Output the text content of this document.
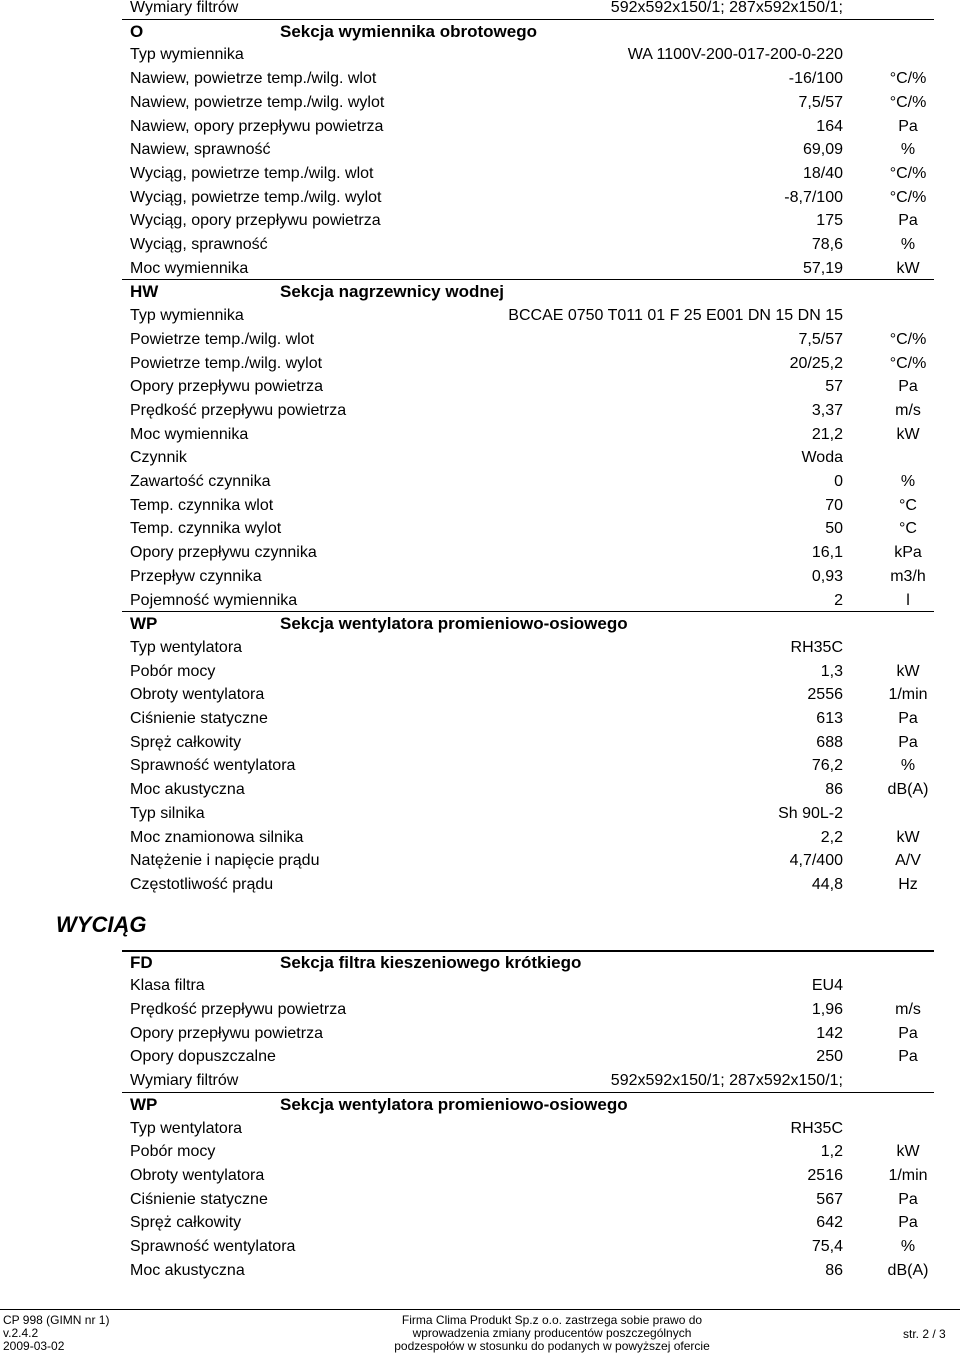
Wymiary filtrów	592x592x150/1; 287x592x150/1;
O	Sekcja wymiennika obrotowego
Typ wymiennika	WA 1100V-200-017-200-0-220
Nawiew, powietrze temp./wilg. wlot	-16/100	°C/%
Nawiew, powietrze temp./wilg. wylot	7,5/57	°C/%
Nawiew, opory przepływu powietrza	164	Pa
Nawiew, sprawność	69,09	%
Wyciąg, powietrze temp./wilg. wlot	18/40	°C/%
Wyciąg, powietrze temp./wilg. wylot	-8,7/100	°C/%
Wyciąg, opory przepływu powietrza	175	Pa
Wyciąg, sprawność	78,6	%
Moc wymiennika	57,19	kW
HW	Sekcja nagrzewnicy wodnej
Typ wymiennika	BCCAE 0750 T011 01 F 25 E001 DN 15 DN 15
Powietrze temp./wilg. wlot	7,5/57	°C/%
Powietrze temp./wilg. wylot	20/25,2	°C/%
Opory przepływu powietrza	57	Pa
Prędkość przepływu powietrza	3,37	m/s
Moc wymiennika	21,2	kW
Czynnik	Woda
Zawartość czynnika	0	%
Temp. czynnika wlot	70	°C
Temp. czynnika wylot	50	°C
Opory przepływu czynnika	16,1	kPa
Przepływ czynnika	0,93	m3/h
Pojemność wymiennika	2	l
WP	Sekcja wentylatora promieniowo-osiowego
Typ wentylatora	RH35C
Pobór mocy	1,3	kW
Obroty wentylatora	2556	1/min
Ciśnienie statyczne	613	Pa
Spręż całkowity	688	Pa
Sprawność wentylatora	76,2	%
Moc akustyczna	86	dB(A)
Typ silnika	Sh 90L-2
Moc znamionowa silnika	2,2	kW
Natężenie i napięcie prądu	4,7/400	A/V
Częstotliwość prądu	44,8	Hz
FD	Sekcja filtra kieszeniowego krótkiego
Klasa filtra	EU4
Prędkość przepływu powietrza	1,96	m/s
Opory przepływu powietrza	142	Pa
Opory dopuszczalne	250	Pa
Wymiary filtrów	592x592x150/1; 287x592x150/1;
WP	Sekcja wentylatora promieniowo-osiowego
Typ wentylatora	RH35C
Pobór mocy	1,2	kW
Obroty wentylatora	2516	1/min
Ciśnienie statyczne	567	Pa
Spręż całkowity	642	Pa
Sprawność wentylatora	75,4	%
Moc akustyczna	86	dB(A)
WYCIĄG
CP 998 (GIMN nr 1)
v.2.4.2
2009-03-02
Firma Clima Produkt Sp.z o.o. zastrzega sobie prawo do
wprowadzenia zmiany producentów poszczególnych
podzespołów w stosunku do podanych w powyższej ofercie
str. 2 / 3
